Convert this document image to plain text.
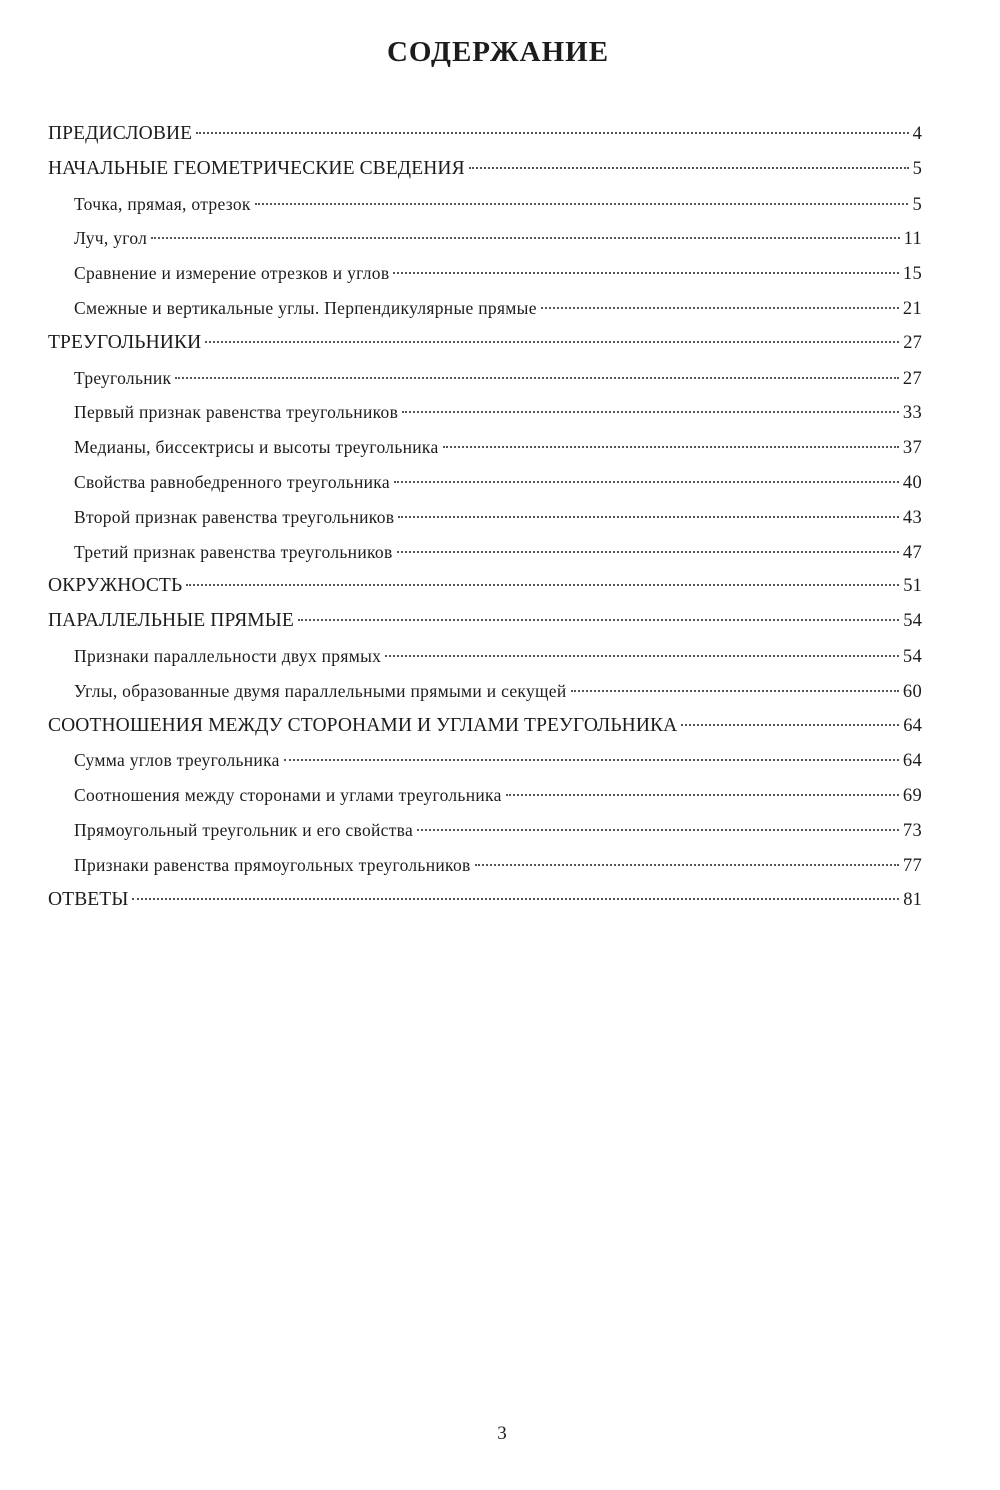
СОДЕРЖАНИЕ
ПРЕДИСЛОВИЕ	4
НАЧАЛЬНЫЕ ГЕОМЕТРИЧЕСКИЕ СВЕДЕНИЯ	5
Точка, прямая, отрезок	5
Луч, угол	11
Сравнение и измерение отрезков и углов	15
Смежные и вертикальные углы. Перпендикулярные прямые	21
ТРЕУГОЛЬНИКИ	27
Треугольник	27
Первый признак равенства треугольников	33
Медианы, биссектрисы и высоты треугольника	37
Свойства равнобедренного треугольника	40
Второй признак равенства треугольников	43
Третий признак равенства треугольников	47
ОКРУЖНОСТЬ	51
ПАРАЛЛЕЛЬНЫЕ ПРЯМЫЕ	54
Признаки параллельности двух прямых	54
Углы, образованные двумя параллельными прямыми и секущей	60
СООТНОШЕНИЯ МЕЖДУ СТОРОНАМИ И УГЛАМИ ТРЕУГОЛЬНИКА	64
Сумма углов треугольника	64
Соотношения между сторонами и углами треугольника	69
Прямоугольный треугольник и его свойства	73
Признаки равенства прямоугольных треугольников	77
ОТВЕТЫ	81
3
